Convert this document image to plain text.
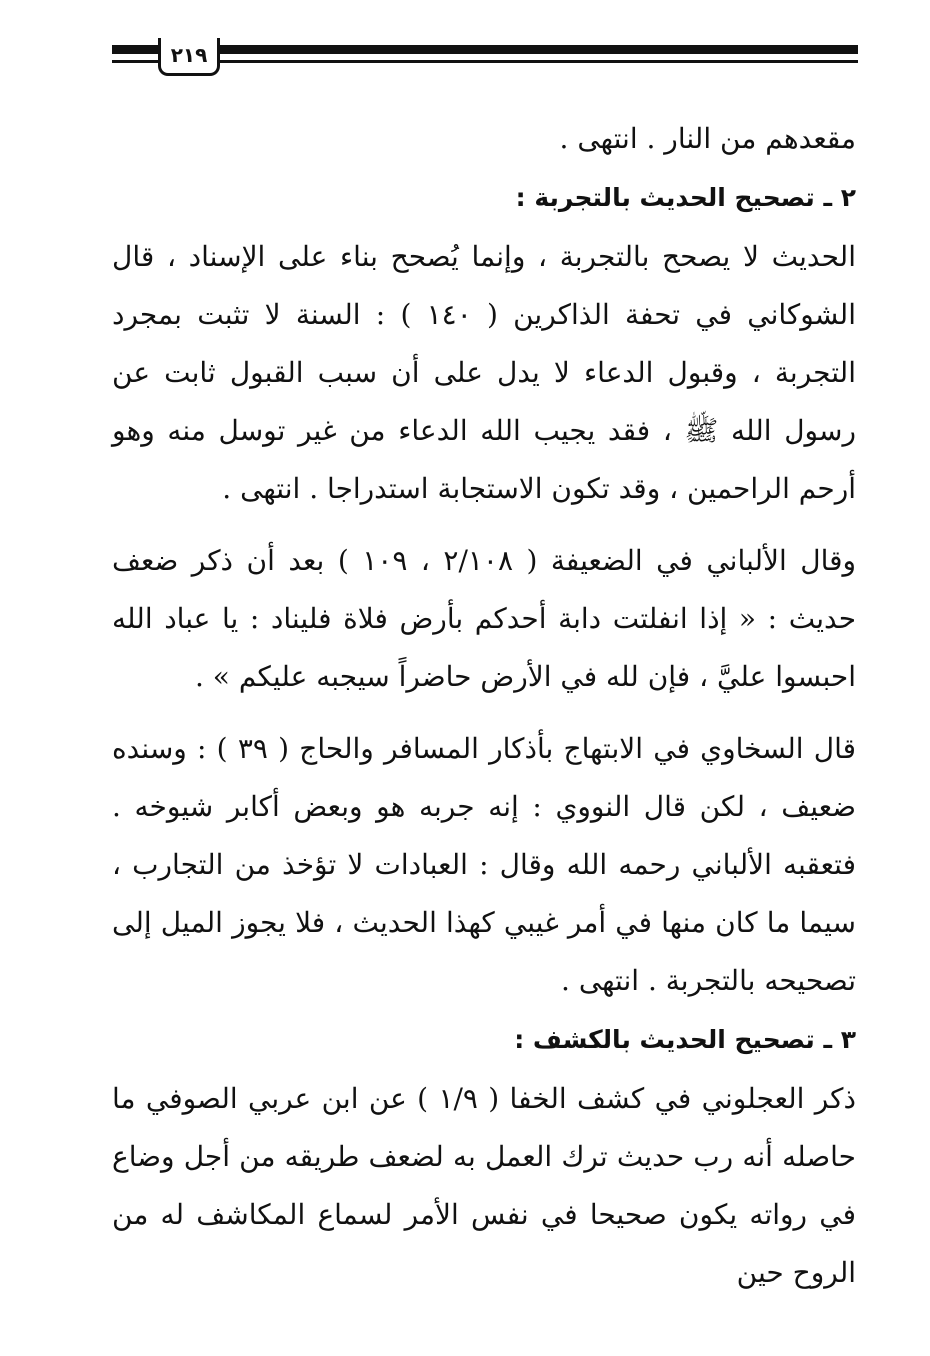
٢١٩

مقعدهم من النار . انتهى .

٢ ـ تصحيح الحديث بالتجربة :

الحديث لا يصحح بالتجربة ، وإنما يُصحح بناء على الإسناد ، قال الشوكاني في تحفة الذاكرين ( ١٤٠ ) : السنة لا تثبت بمجرد التجربة ، وقبول الدعاء لا يدل على أن سبب القبول ثابت عن رسول الله ﷺ ، فقد يجيب الله الدعاء من غير توسل منه وهو أرحم الراحمين ، وقد تكون الاستجابة استدراجا . انتهى .

وقال الألباني في الضعيفة ( ٢/١٠٨ ، ١٠٩ ) بعد أن ذكر ضعف حديث : « إذا انفلتت دابة أحدكم بأرض فلاة فليناد : يا عباد الله احبسوا عليَّ ، فإن لله في الأرض حاضراً سيجبه عليكم » .

قال السخاوي في الابتهاج بأذكار المسافر والحاج ( ٣٩ ) : وسنده ضعيف ، لكن قال النووي : إنه جربه هو وبعض أكابر شيوخه . فتعقبه الألباني رحمه الله وقال : العبادات لا تؤخذ من التجارب ، سيما ما كان منها في أمر غيبي كهذا الحديث ، فلا يجوز الميل إلى تصحيحه بالتجربة . انتهى .

٣ ـ تصحيح الحديث بالكشف :

ذكر العجلوني في كشف الخفا ( ١/٩ ) عن ابن عربي الصوفي ما حاصله أنه رب حديث ترك العمل به لضعف طريقه من أجل وضاع في رواته يكون صحيحا في نفس الأمر لسماع المكاشف له من الروح حين
